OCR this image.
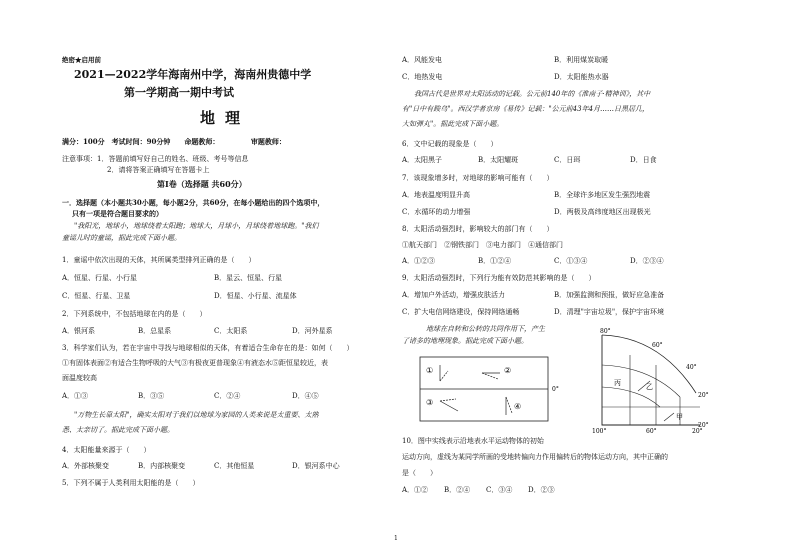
绝密★启用前
2021—2022学年海南州中学，海南州贵德中学
第一学期高一期中考试
地理
满分：100分　考试时间：90分钟　　命题教师：　　　　　审题教师：
注意事项：1．答题前填写好自己的姓名、班级、考号等信息
2．请将答案正确填写在答题卡上
第Ⅰ卷（选择题 共60分）
一．选择题（本小题共30小题，每小题2分，共60分，在每小题给出的四个选项中，
只有一项是符合题目要求的）
"我阳光，地球小，地球绕着太阳跑；地球大，月球小，月球绕着地球跑。"我们
童谣儿时的童谣，据此完成下面小题。
1．童谣中依次出现的天体，其所属类型排列正确的是（　　）
A．恒星、行星、小行星	B．星云、恒星、行星
C．恒星、行星、卫星	D．恒星、小行星、流星体
2．下列系统中，不包括地球在内的是（　　）
A．银河系	B．总星系	C．太阳系	D．河外星系
3．科学家们认为，若在宇宙中寻找与地球相似的天体，有着适合生命存在的是：如何（　　）
①有固体表面②有适合生物呼吸的大气③有极夜更普现象④有液态水⑤距恒星较近，表
面温度较高
A．①③	B．③⑤	C．②④	D．④⑤
"万物生长靠太阳"，确实太阳对于我们以地球为家园的人类来说是太重要、太熟
悉、太亲切了。据此完成下面小题。
4．太阳能量来源于（　　）
A．外部核聚变	B．内部核聚变	C．其他恒星	D．银河系中心
5．下列不属于人类利用太阳能的是（　　）
A．风能发电	B．利用煤炭取暖
C．地热发电	D．太阳能热水器
我国古代是世界对太阳活动的记载。公元前140年的《淮南子·精神训》，其中
有"日中有踆乌"。西汉学者京房《易传》记载："公元前43年4月……日黑居几，
大如弹丸"。据此完成下面小题。
6．文中记载的现象是（　　）
A．太阳黑子	B．太阳耀斑	C．日珥	D．日食
7．该现象增多时，对地球的影响可能有（　　）
A．地表温度明显升高	B．全球许多地区发生强烈地震
C．水循环的动力增强	D．两极及高纬度地区出现极光
8．太阳活动强烈时，影响较大的部门有（　　）
①航天部门　②钢铁部门　③电力部门　④通信部门
A．①②③	B．①②④	C．①③④	D．②③④
9．太阳活动强烈时，下列行为能有效防范其影响的是（　　）
A．增加户外活动，增强皮肤活力	B．加强监测和预报，做好应急准备
C．扩大电信网络建设，保持网络通畅	D．清理"宇宙垃圾"，保护宇宙环境
地球在自转和公转的共同作用下，产生
了诸多的地理现象。据此完成下面小题。
0°
①	②
③	④
80°
60°
40°
20°
20°
丙	乙
甲
100°	60°	20°
10．图中实线表示沿地表水平运动物体的初始
运动方向，虚线为某同学所画的受地转偏向力作用偏转后的物体运动方向，其中正确的
是（　　）
A．①② B．②④ C．③④ D．②③
1
